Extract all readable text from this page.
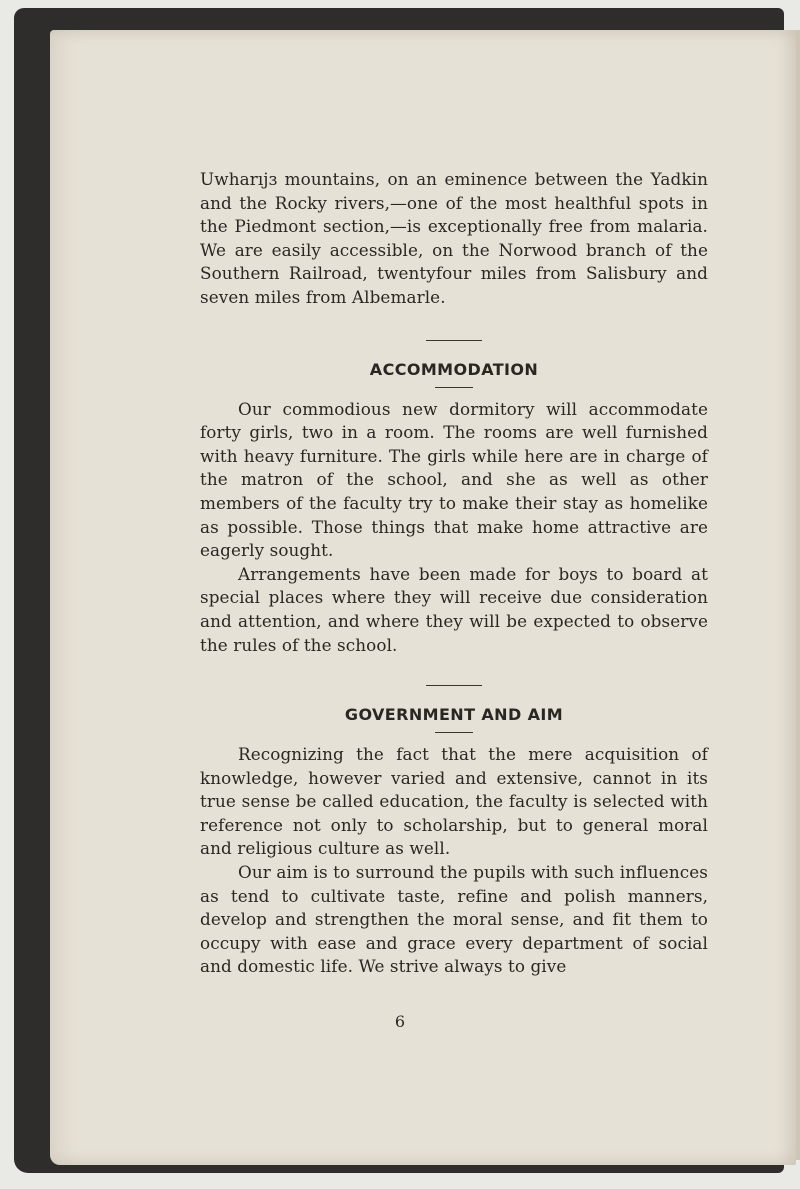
Uwharıjɜ mountains, on an eminence between the Yadkin and the Rocky rivers,—one of the most healthful spots in the Piedmont section,—is exceptionally free from malaria. We are easily accessible, on the Norwood branch of the Southern Railroad, twentyfour miles from Salisbury and seven miles from Albemarle.

ACCOMMODATION

Our commodious new dormitory will accommodate forty girls, two in a room. The rooms are well furnished with heavy furniture. The girls while here are in charge of the matron of the school, and she as well as other members of the faculty try to make their stay as homelike as possible. Those things that make home attractive are eagerly sought.

Arrangements have been made for boys to board at special places where they will receive due consideration and attention, and where they will be expected to observe the rules of the school.

GOVERNMENT AND AIM

Recognizing the fact that the mere acquisition of knowledge, however varied and extensive, cannot in its true sense be called education, the faculty is selected with reference not only to scholarship, but to general moral and religious culture as well.

Our aim is to surround the pupils with such influences as tend to cultivate taste, refine and polish manners, develop and strengthen the moral sense, and fit them to occupy with ease and grace every department of social and domestic life. We strive always to give

6
